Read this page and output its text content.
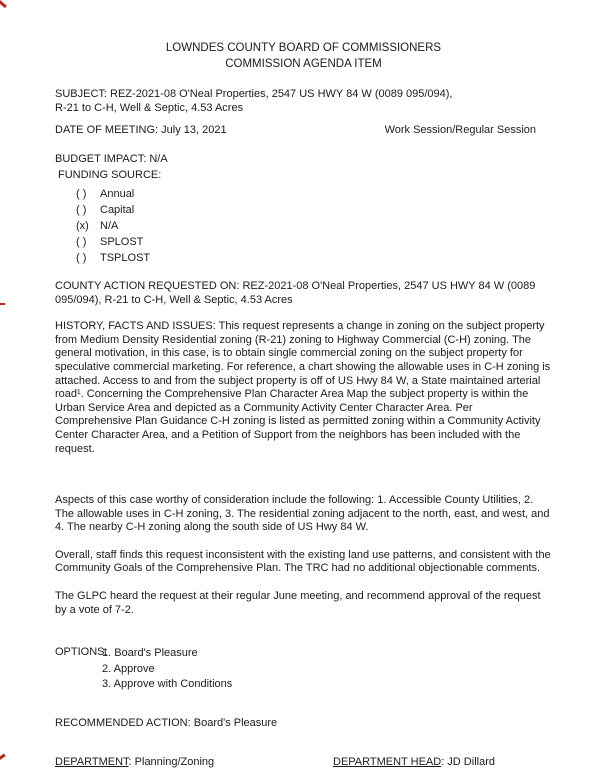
LOWNDES COUNTY BOARD OF COMMISSIONERS
COMMISSION AGENDA ITEM
SUBJECT: REZ-2021-08 O'Neal Properties, 2547 US HWY 84 W (0089 095/094), R-21 to C-H, Well & Septic, 4.53 Acres
DATE OF MEETING: July 13, 2021	Work Session/Regular Session
BUDGET IMPACT: N/A
FUNDING SOURCE:
( )	Annual
( )	Capital
(x)	N/A
( )	SPLOST
( )	TSPLOST
COUNTY ACTION REQUESTED ON: REZ-2021-08 O'Neal Properties, 2547 US HWY 84 W (0089 095/094), R-21 to C-H, Well & Septic, 4.53 Acres
HISTORY, FACTS AND ISSUES: This request represents a change in zoning on the subject property from Medium Density Residential zoning (R-21) zoning to Highway Commercial (C-H) zoning. The general motivation, in this case, is to obtain single commercial zoning on the subject property for speculative commercial marketing. For reference, a chart showing the allowable uses in C-H zoning is attached. Access to and from the subject property is off of US Hwy 84 W, a State maintained arterial road¹. Concerning the Comprehensive Plan Character Area Map the subject property is within the Urban Service Area and depicted as a Community Activity Center Character Area. Per Comprehensive Plan Guidance C-H zoning is listed as permitted zoning within a Community Activity Center Character Area, and a Petition of Support from the neighbors has been included with the request.
Aspects of this case worthy of consideration include the following: 1. Accessible County Utilities, 2. The allowable uses in C-H zoning, 3. The residential zoning adjacent to the north, east, and west, and 4. The nearby C-H zoning along the south side of US Hwy 84 W.
Overall, staff finds this request inconsistent with the existing land use patterns, and consistent with the Community Goals of the Comprehensive Plan. The TRC had no additional objectionable comments.
The GLPC heard the request at their regular June meeting, and recommend approval of the request by a vote of 7-2.
OPTIONS:
1. Board's Pleasure
2. Approve
3. Approve with Conditions
RECOMMENDED ACTION: Board's Pleasure
DEPARTMENT: Planning/Zoning	DEPARTMENT HEAD: JD Dillard
